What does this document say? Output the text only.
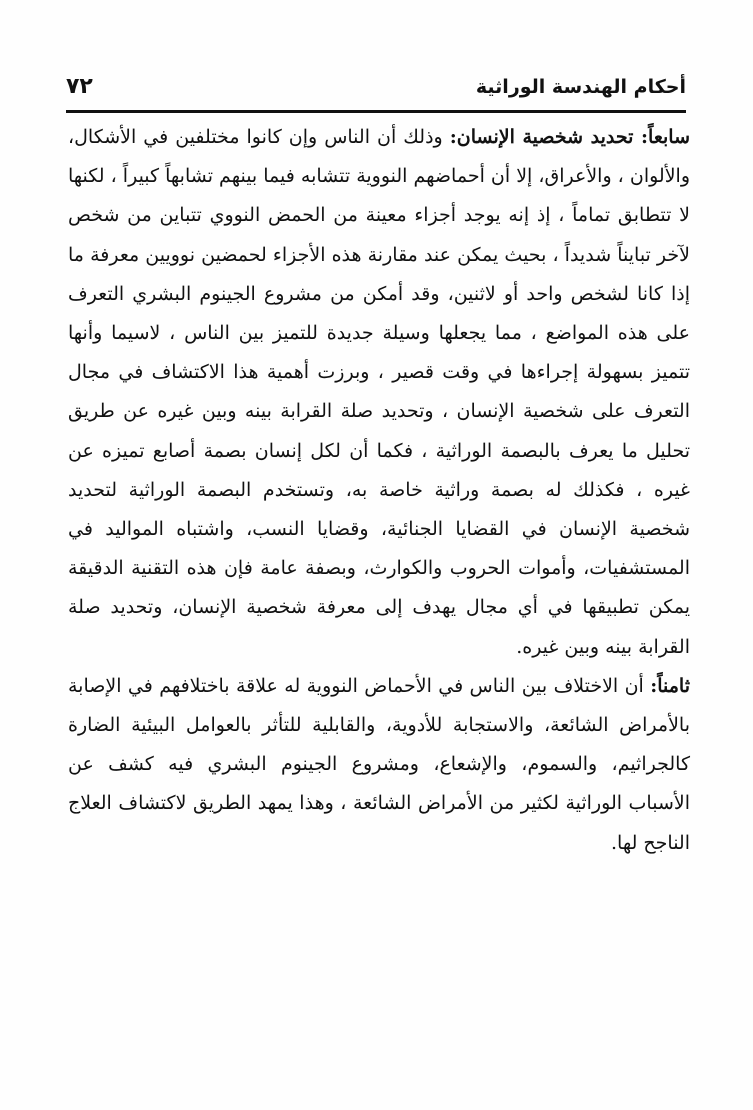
أحكام الهندسة الوراثية
٧٢

سابعاً: تحديد شخصية الإنسان: وذلك أن الناس وإن كانوا مختلفين في الأشكال، والألوان ، والأعراق، إلا أن أحماضهم النووية تتشابه فيما بينهم تشابهاً كبيراً ، لكنها لا تتطابق تماماً ، إذ إنه يوجد أجزاء معينة من الحمض النووي تتباين من شخص لآخر تبايناً شديداً ، بحيث يمكن عند مقارنة هذه الأجزاء لحمضين نوويين معرفة ما إذا كانا لشخص واحد أو لاثنين، وقد أمكن من مشروع الجينوم البشري التعرف على هذه المواضع ، مما يجعلها وسيلة جديدة للتميز بين الناس ، لاسيما وأنها تتميز بسهولة إجراءها في وقت قصير ، وبرزت أهمية هذا الاكتشاف في مجال التعرف على شخصية الإنسان ، وتحديد صلة القرابة بينه وبين غيره عن طريق تحليل ما يعرف بالبصمة الوراثية ، فكما أن لكل إنسان بصمة أصابع تميزه عن غيره ، فكذلك له بصمة وراثية خاصة به، وتستخدم البصمة الوراثية لتحديد شخصية الإنسان في القضايا الجنائية، وقضايا النسب، واشتباه المواليد في المستشفيات، وأموات الحروب والكوارث، وبصفة عامة فإن هذه التقنية الدقيقة يمكن تطبيقها في أي مجال يهدف إلى معرفة شخصية الإنسان، وتحديد صلة القرابة بينه وبين غيره.

ثامناً: أن الاختلاف بين الناس في الأحماض النووية له علاقة باختلافهم في الإصابة بالأمراض الشائعة، والاستجابة للأدوية، والقابلية للتأثر بالعوامل البيئية الضارة كالجراثيم، والسموم، والإشعاع، ومشروع الجينوم البشري فيه كشف عن الأسباب الوراثية لكثير من الأمراض الشائعة ، وهذا يمهد الطريق لاكتشاف العلاج الناجح لها.
